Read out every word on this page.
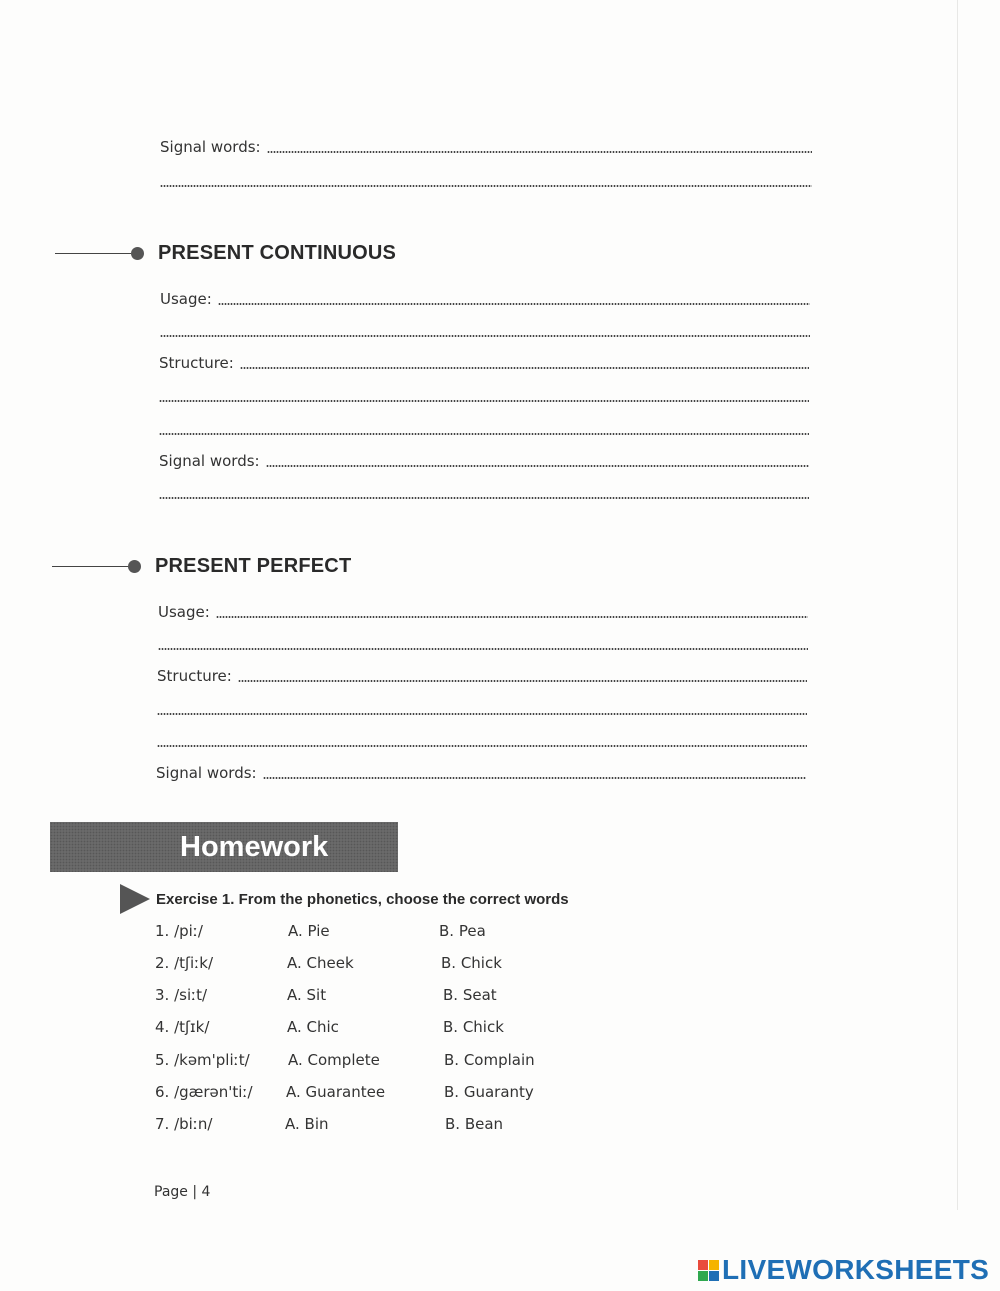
Signal words:
PRESENT CONTINUOUS
Usage:
Structure:
Signal words:
PRESENT PERFECT
Usage:
Structure:
Signal words:
Homework
Exercise 1. From the phonetics, choose the correct words
1. /piː/	A. Pie	B. Pea
2. /tʃiːk/	A. Cheek	B. Chick
3. /siːt/	A. Sit	B. Seat
4. /tʃɪk/	A. Chic	B. Chick
5. /kəm'pliːt/	A. Complete	B. Complain
6. /gærən'tiː/ A. Guarantee	B. Guaranty
7. /biːn/	A. Bin	B. Bean
Page | 4
LIVEWORKSHEETS
